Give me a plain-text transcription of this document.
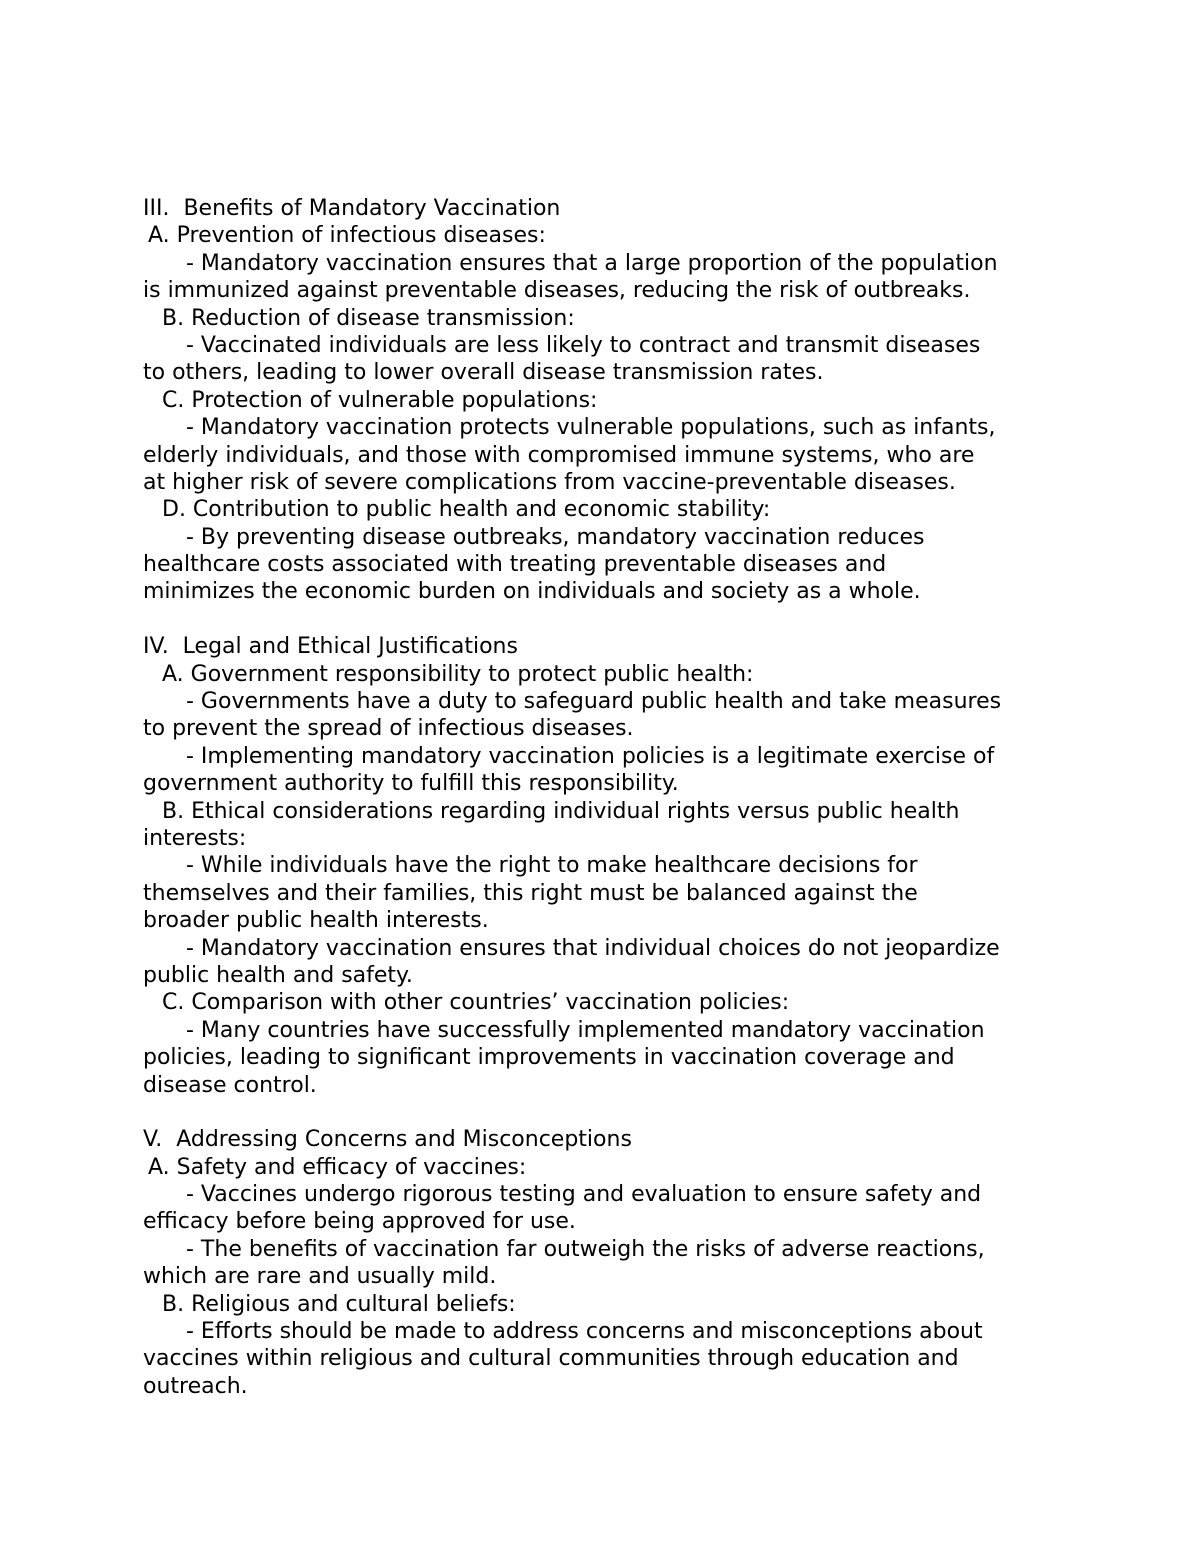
III.  Benefits of Mandatory Vaccination
A. Prevention of infectious diseases:
- Mandatory vaccination ensures that a large proportion of the population
is immunized against preventable diseases, reducing the risk of outbreaks.
B. Reduction of disease transmission:
- Vaccinated individuals are less likely to contract and transmit diseases
to others, leading to lower overall disease transmission rates.
C. Protection of vulnerable populations:
- Mandatory vaccination protects vulnerable populations, such as infants,
elderly individuals, and those with compromised immune systems, who are
at higher risk of severe complications from vaccine-preventable diseases.
D. Contribution to public health and economic stability:
- By preventing disease outbreaks, mandatory vaccination reduces
healthcare costs associated with treating preventable diseases and
minimizes the economic burden on individuals and society as a whole.
IV.  Legal and Ethical Justifications
A. Government responsibility to protect public health:
- Governments have a duty to safeguard public health and take measures
to prevent the spread of infectious diseases.
- Implementing mandatory vaccination policies is a legitimate exercise of
government authority to fulfill this responsibility.
B. Ethical considerations regarding individual rights versus public health
interests:
- While individuals have the right to make healthcare decisions for
themselves and their families, this right must be balanced against the
broader public health interests.
- Mandatory vaccination ensures that individual choices do not jeopardize
public health and safety.
C. Comparison with other countries’ vaccination policies:
- Many countries have successfully implemented mandatory vaccination
policies, leading to significant improvements in vaccination coverage and
disease control.
V.  Addressing Concerns and Misconceptions
A. Safety and efficacy of vaccines:
- Vaccines undergo rigorous testing and evaluation to ensure safety and
efficacy before being approved for use.
- The benefits of vaccination far outweigh the risks of adverse reactions,
which are rare and usually mild.
B. Religious and cultural beliefs:
- Efforts should be made to address concerns and misconceptions about
vaccines within religious and cultural communities through education and
outreach.
